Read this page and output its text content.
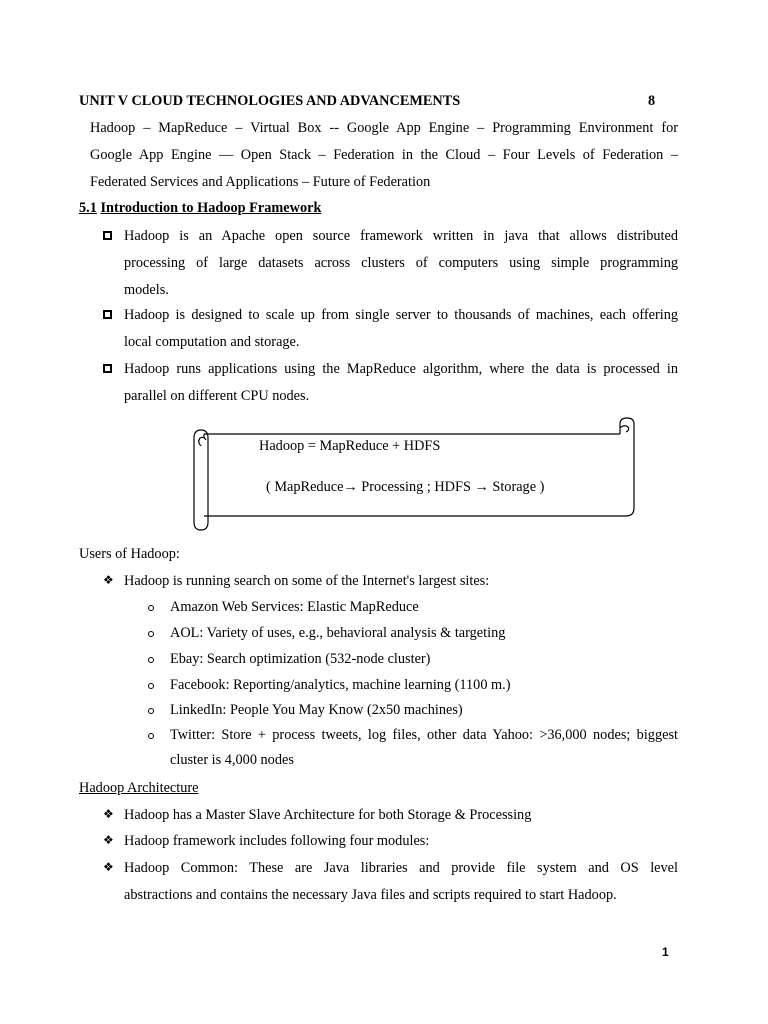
UNIT V CLOUD TECHNOLOGIES AND ADVANCEMENTS	8
Hadoop – MapReduce – Virtual Box -- Google App Engine – Programming Environment for
Google App Engine — Open Stack – Federation in the Cloud – Four Levels of Federation –
Federated Services and Applications – Future of Federation
5.1 Introduction to Hadoop Framework
Hadoop is an Apache open source framework written in java that allows distributed
processing of large datasets across clusters of computers using simple programming
models.
Hadoop is designed to scale up from single server to thousands of machines, each offering
local computation and storage.
Hadoop runs applications using the MapReduce algorithm, where the data is processed in
parallel on different CPU nodes.
Hadoop = MapReduce + HDFS
( MapReduce→ Processing ; HDFS → Storage )
Users of Hadoop:
❖ Hadoop is running search on some of the Internet's largest sites:
Amazon Web Services: Elastic MapReduce
AOL: Variety of uses, e.g., behavioral analysis & targeting
Ebay: Search optimization (532-node cluster)
Facebook: Reporting/analytics, machine learning (1100 m.)
LinkedIn: People You May Know (2x50 machines)
Twitter: Store + process tweets, log files, other data Yahoo: >36,000 nodes; biggest
cluster is 4,000 nodes
Hadoop Architecture
❖ Hadoop has a Master Slave Architecture for both Storage & Processing
❖ Hadoop framework includes following four modules:
❖ Hadoop Common: These are Java libraries and provide file system and OS level
abstractions and contains the necessary Java files and scripts required to start Hadoop.
1
